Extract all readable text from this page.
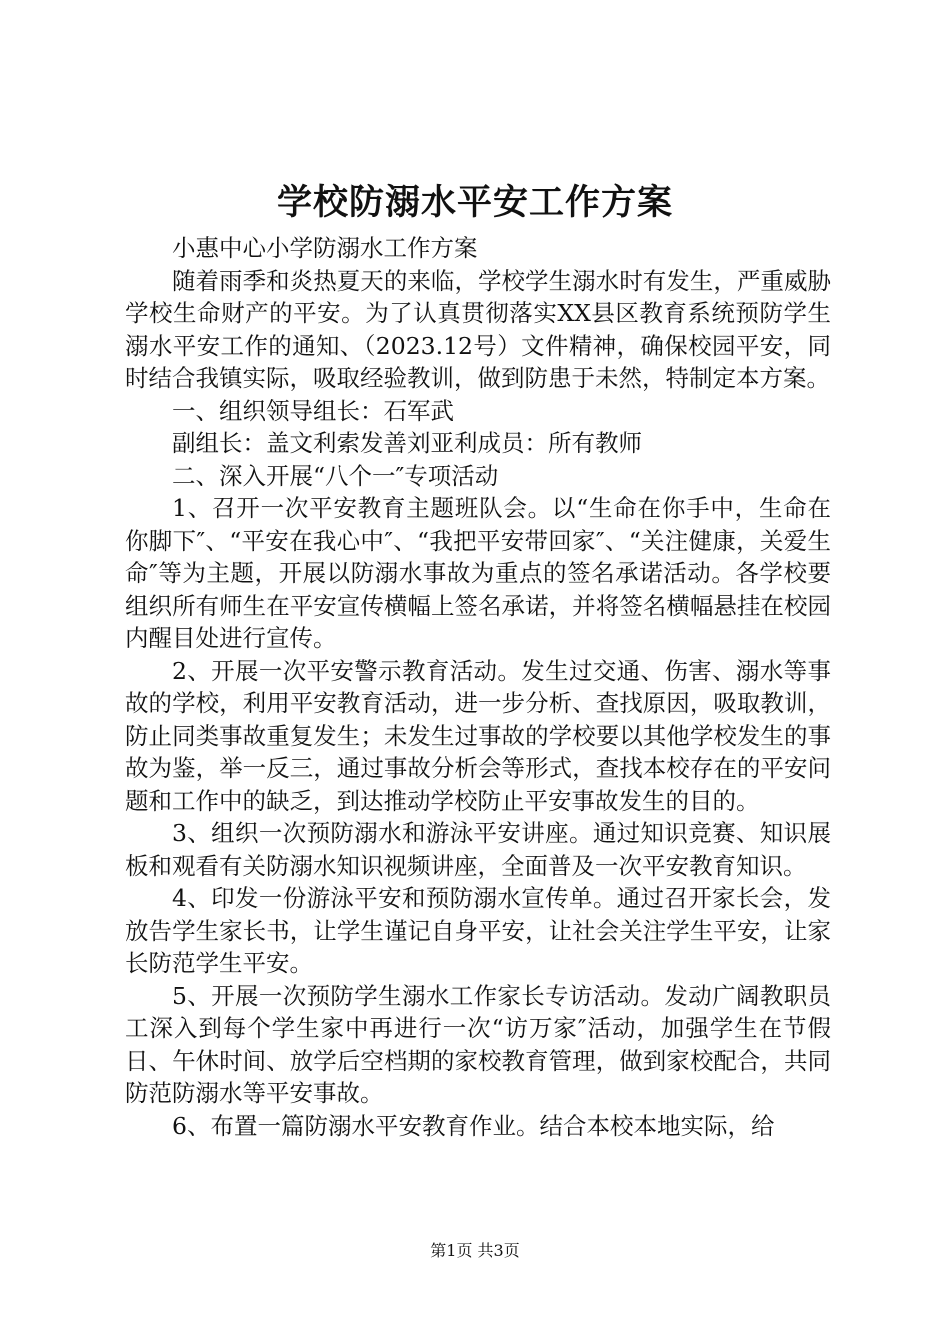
学校防溺水平安工作方案

小惠中心小学防溺水工作方案

随着雨季和炎热夏天的来临，学校学生溺水时有发生，严重威胁学校生命财产的平安。为了认真贯彻落实XX县区教育系统预防学生溺水平安工作的通知、（2023.12号）文件精神，确保校园平安，同时结合我镇实际，吸取经验教训，做到防患于未然，特制定本方案。

一、组织领导组长：石军武

副组长：盖文利索发善刘亚利成员：所有教师

二、深入开展“八个一″专项活动

1、召开一次平安教育主题班队会。以“生命在你手中，生命在你脚下″、“平安在我心中″、“我把平安带回家″、“关注健康，关爱生命″等为主题，开展以防溺水事故为重点的签名承诺活动。各学校要组织所有师生在平安宣传横幅上签名承诺，并将签名横幅悬挂在校园内醒目处进行宣传。

2、开展一次平安警示教育活动。发生过交通、伤害、溺水等事故的学校，利用平安教育活动，进一步分析、查找原因，吸取教训，防止同类事故重复发生；未发生过事故的学校要以其他学校发生的事故为鉴，举一反三，通过事故分析会等形式，查找本校存在的平安问题和工作中的缺乏，到达推动学校防止平安事故发生的目的。

3、组织一次预防溺水和游泳平安讲座。通过知识竞赛、知识展板和观看有关防溺水知识视频讲座，全面普及一次平安教育知识。

4、印发一份游泳平安和预防溺水宣传单。通过召开家长会，发放告学生家长书，让学生谨记自身平安，让社会关注学生平安，让家长防范学生平安。

5、开展一次预防学生溺水工作家长专访活动。发动广阔教职员工深入到每个学生家中再进行一次“访万家″活动，加强学生在节假日、午休时间、放学后空档期的家校教育管理，做到家校配合，共同防范防溺水等平安事故。

6、布置一篇防溺水平安教育作业。结合本校本地实际，给

第1页 共3页
